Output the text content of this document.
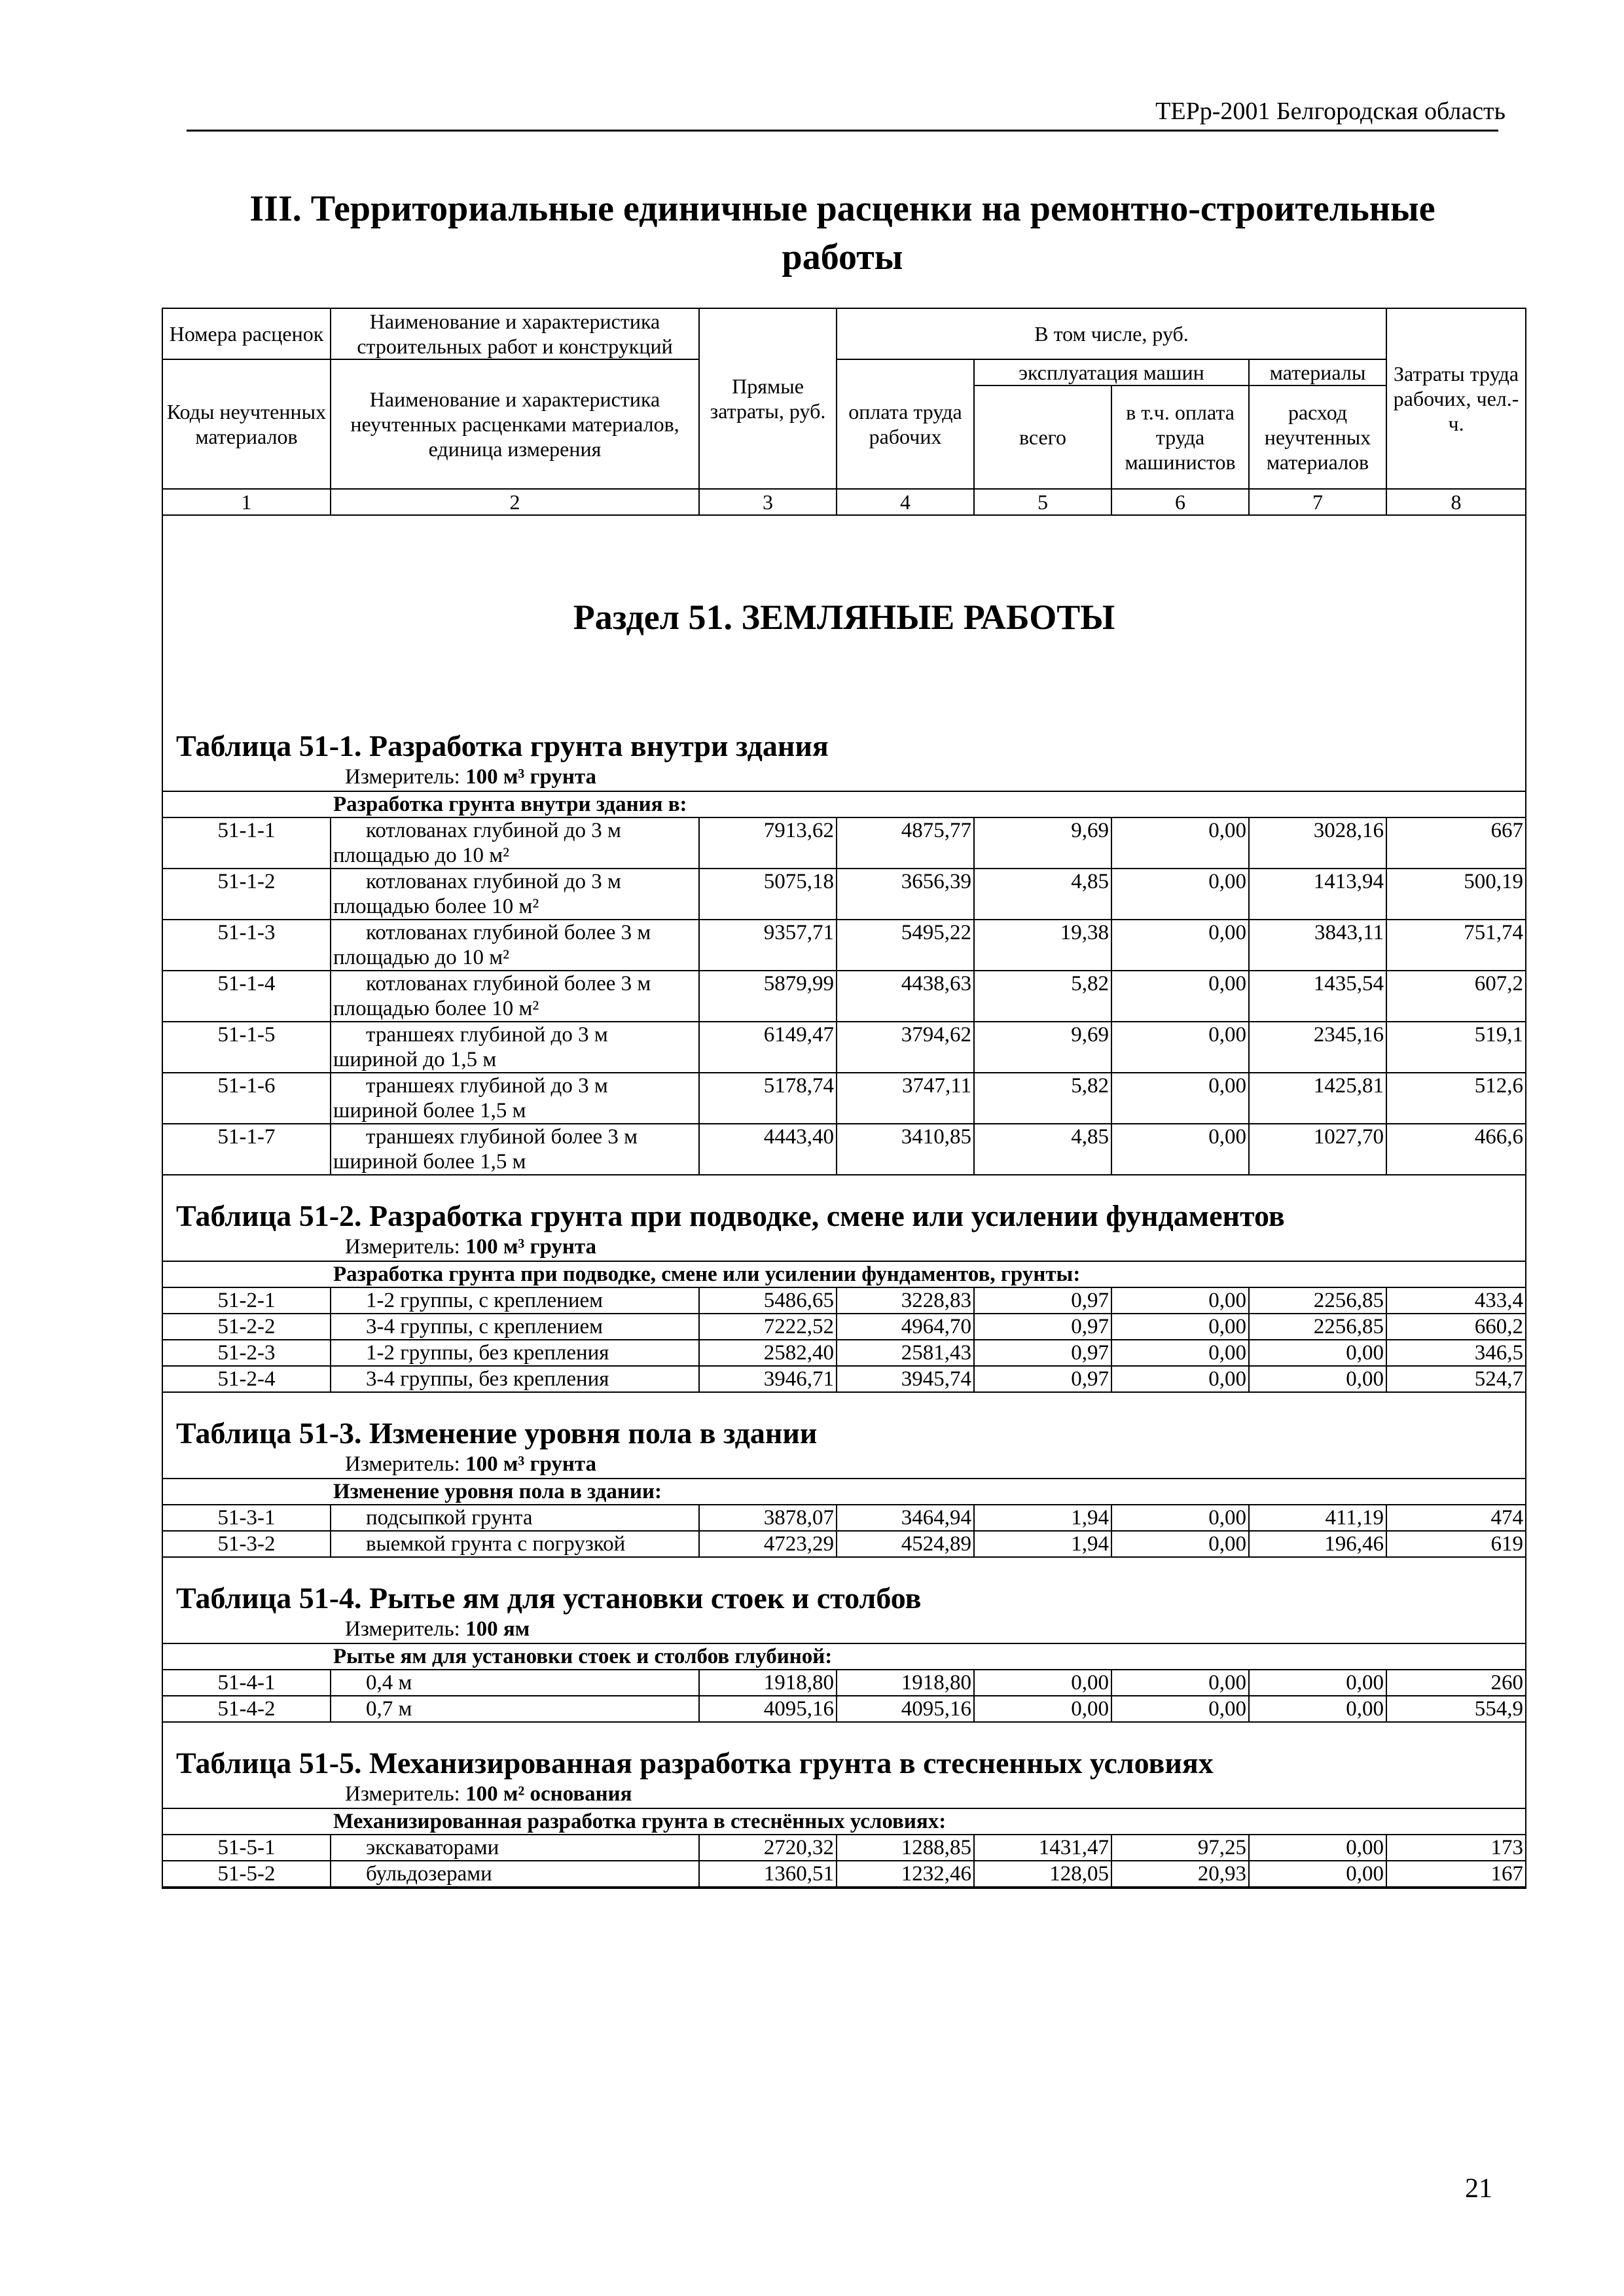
ТЕРр-2001 Белгородская область
III. Территориальные единичные расценки на ремонтно-строительные работы
Номера расценок	Наименование и характеристика строительных работ и конструкций	Прямые затраты, руб.	В том числе, руб.				Затраты труда рабочих, чел.-ч.
Коды неучтенных материалов	Наименование и характеристика неучтенных расценками материалов, единица измерения		оплата труда рабочих	эксплуатация машин		материалы	
				всего	в т.ч. оплата труда машинистов	расход неучтенных материалов	
1	2	3	4	5	6	7	8
Раздел 51. ЗЕМЛЯНЫЕ РАБОТЫ							
Таблица 51-1. Разработка грунта внутри здания							
Измеритель: 100 м³ грунта							
Разработка грунта внутри здания в:							
51-1-1	котлованах глубиной до 3 м
площадью до 10 м²	7913,62	4875,77	9,69	0,00	3028,16	667
51-1-2	котлованах глубиной до 3 м
площадью более 10 м²	5075,18	3656,39	4,85	0,00	1413,94	500,19
51-1-3	котлованах глубиной более 3 м
площадью до 10 м²	9357,71	5495,22	19,38	0,00	3843,11	751,74
51-1-4	котлованах глубиной более 3 м
площадью более 10 м²	5879,99	4438,63	5,82	0,00	1435,54	607,2
51-1-5	траншеях глубиной до 3 м
шириной до 1,5 м	6149,47	3794,62	9,69	0,00	2345,16	519,1
51-1-6	траншеях глубиной до 3 м
шириной более 1,5 м	5178,74	3747,11	5,82	0,00	1425,81	512,6
51-1-7	траншеях глубиной более 3 м
шириной более 1,5 м	4443,40	3410,85	4,85	0,00	1027,70	466,6
Таблица 51-2. Разработка грунта при подводке, смене или усилении фундаментов							
Измеритель: 100 м³ грунта							
Разработка грунта при подводке, смене или усилении фундаментов, грунты:							
51-2-1	1-2 группы, с креплением	5486,65	3228,83	0,97	0,00	2256,85	433,4
51-2-2	3-4 группы, с креплением	7222,52	4964,70	0,97	0,00	2256,85	660,2
51-2-3	1-2 группы, без крепления	2582,40	2581,43	0,97	0,00	0,00	346,5
51-2-4	3-4 группы, без крепления	3946,71	3945,74	0,97	0,00	0,00	524,7
Таблица 51-3. Изменение уровня пола в здании							
Измеритель: 100 м³ грунта							
Изменение уровня пола в здании:							
51-3-1	подсыпкой грунта	3878,07	3464,94	1,94	0,00	411,19	474
51-3-2	выемкой грунта с погрузкой	4723,29	4524,89	1,94	0,00	196,46	619
Таблица 51-4. Рытье ям для установки стоек и столбов							
Измеритель: 100 ям							
Рытье ям для установки стоек и столбов глубиной:							
51-4-1	0,4 м	1918,80	1918,80	0,00	0,00	0,00	260
51-4-2	0,7 м	4095,16	4095,16	0,00	0,00	0,00	554,9
Таблица 51-5. Механизированная разработка грунта в стесненных условиях							
Измеритель: 100 м² основания							
Механизированная разработка грунта в стеснённых условиях:							
51-5-1	экскаваторами	2720,32	1288,85	1431,47	97,25	0,00	173
51-5-2	бульдозерами	1360,51	1232,46	128,05	20,93	0,00	167

21
